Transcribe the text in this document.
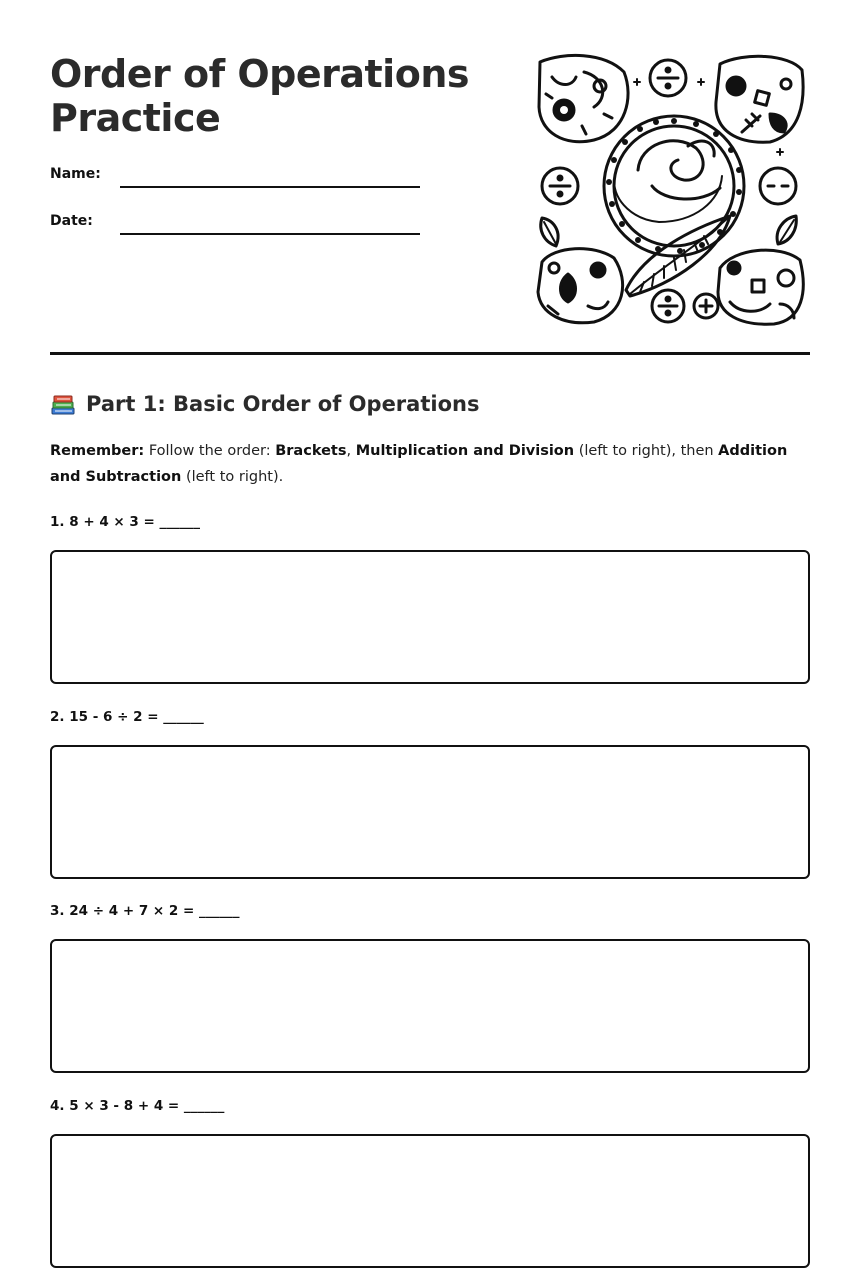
Order of Operations
Practice
Name:
Date:
Part 1: Basic Order of Operations

Remember: Follow the order: Brackets, Multiplication and Division (left to right), then Addition and Subtraction (left to right).

1. 8 + 4 × 3 = ______

2. 15 - 6 ÷ 2 = ______

3. 24 ÷ 4 + 7 × 2 = ______

4. 5 × 3 - 8 + 4 = ______
